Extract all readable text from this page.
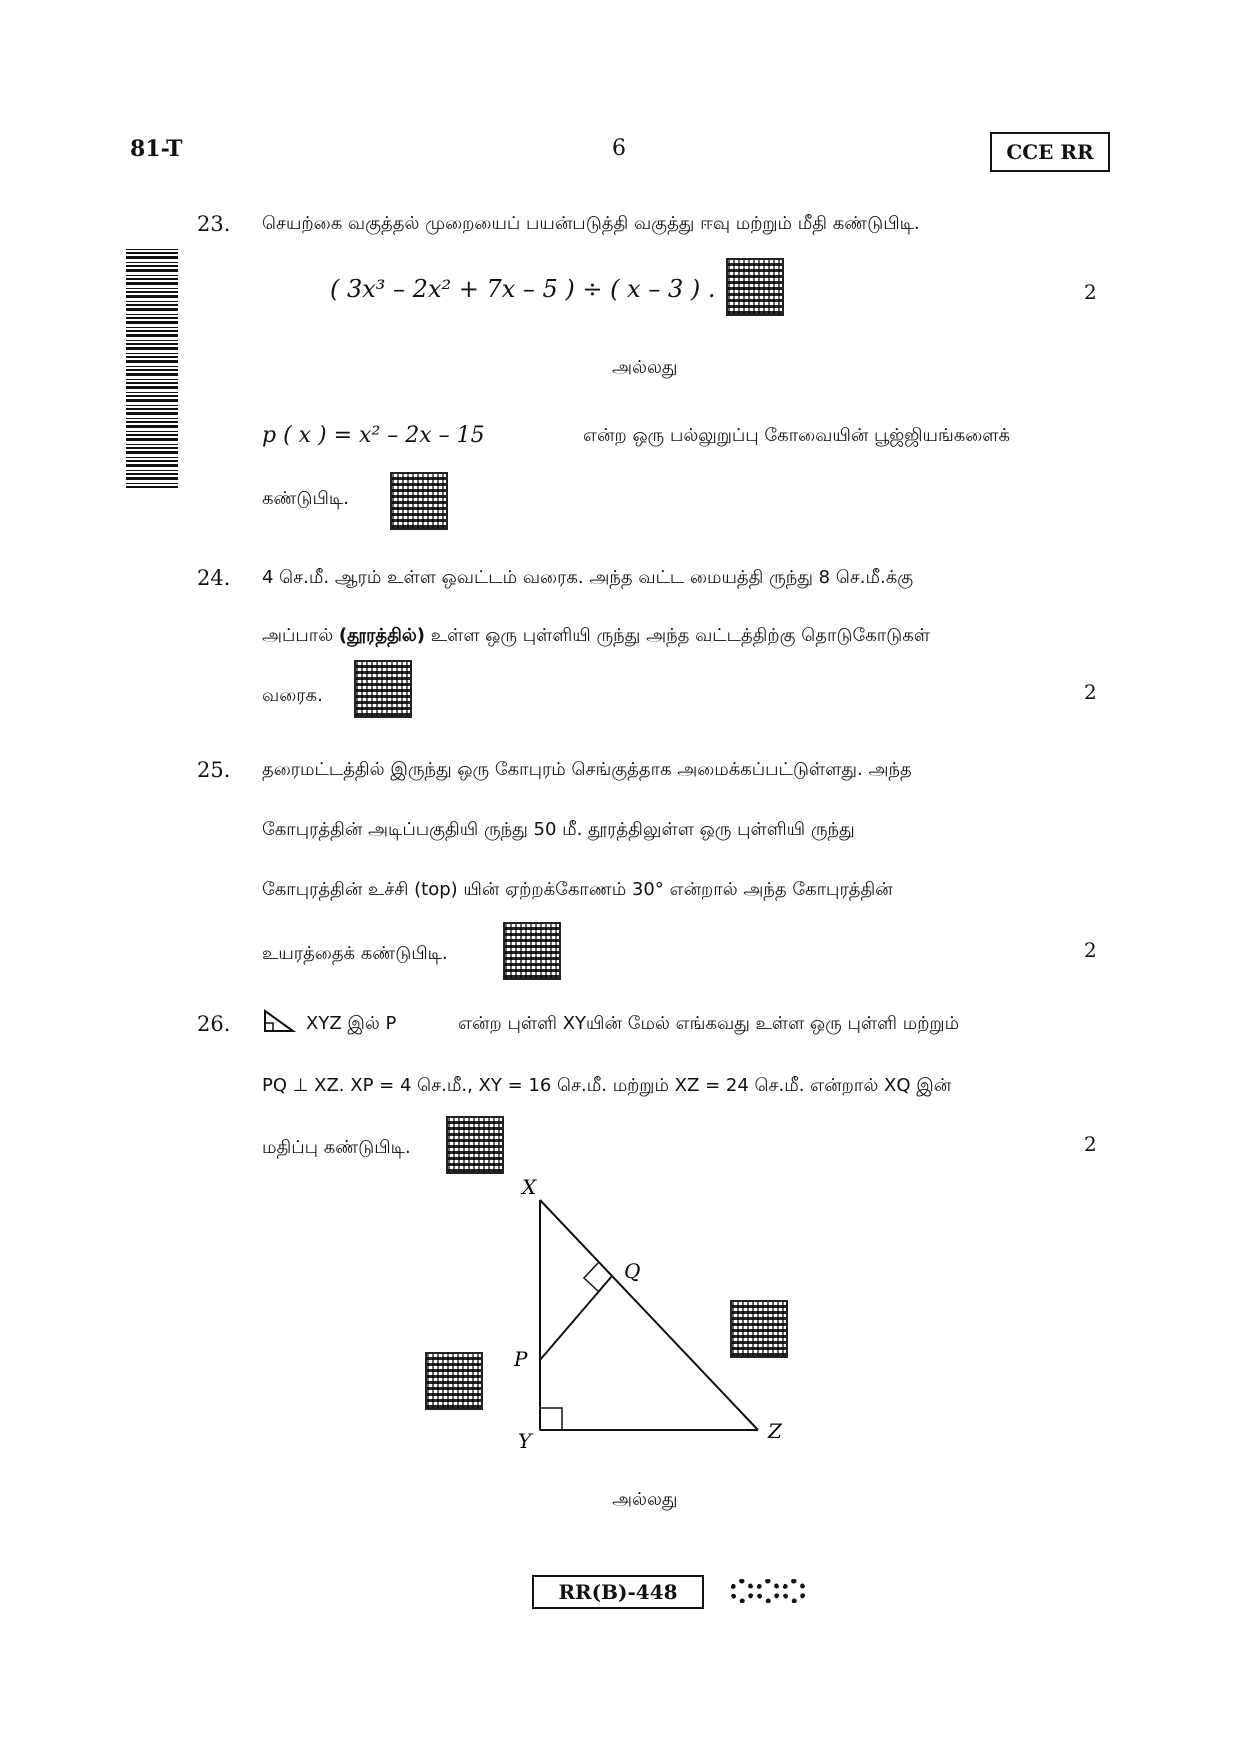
81-T	6	CCE RR
23. செயற்கை வகுத்தல் முறையைப் பயன்படுத்தி வகுத்து ஈவு மற்றும் மீதி கண்டுபிடி.
( 3x³ – 2x² + 7x – 5 ) ÷ ( x – 3 ) .	2
அல்லது
p ( x ) = x² – 2x – 15	என்ற ஒரு பல்லுறுப்பு கோவையின் பூஜ்ஜியங்களைக்
கண்டுபிடி.
24. 4 செ.மீ. ஆரம் உள்ள ஒவட்டம் வரைக. அந்த வட்ட மையத்தி ருந்து 8 செ.மீ.க்கு
அப்பால் (தூரத்தில்) உள்ள ஒரு புள்ளியி ருந்து அந்த வட்டத்திற்கு தொடுகோடுகள்
வரைக.	2
25. தரைமட்டத்தில் இருந்து ஒரு கோபுரம் செங்குத்தாக அமைக்கப்பட்டுள்ளது. அந்த
கோபுரத்தின் அடிப்பகுதியி ருந்து 50 மீ. தூரத்திலுள்ள ஒரு புள்ளியி ருந்து
கோபுரத்தின் உச்சி (top) யின் ஏற்றக்கோணம் 30° என்றால் அந்த கோபுரத்தின்
உயரத்தைக் கண்டுபிடி.	2
26.	XYZ இல் P	என்ற புள்ளி XYயின் மேல் எங்கவது உள்ள ஒரு புள்ளி மற்றும்
PQ ⊥ XZ. XP = 4 செ.மீ., XY = 16 செ.மீ. மற்றும் XZ = 24 செ.மீ. என்றால் XQ இன்
மதிப்பு கண்டுபிடி.	2
X
Y	Z
P
Q
அல்லது
RR(B)-448
